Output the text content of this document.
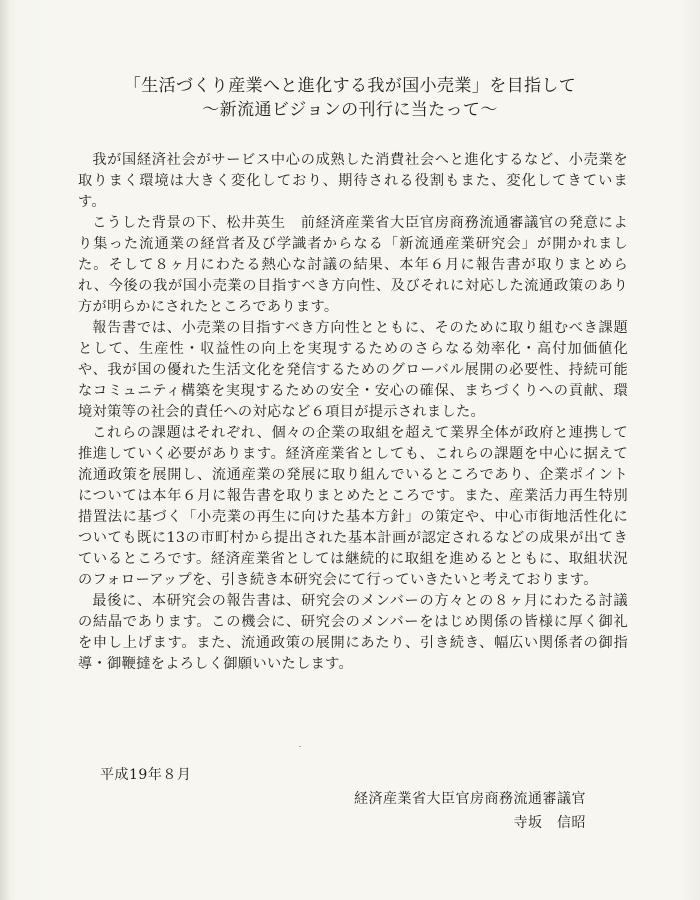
「生活づくり産業へと進化する我が国小売業」を目指して
～新流通ビジョンの刊行に当たって～

我が国経済社会がサービス中心の成熟した消費社会へと進化するなど、小売業を取りまく環境は大きく変化しており、期待される役割もまた、変化してきています。

こうした背景の下、松井英生　前経済産業省大臣官房商務流通審議官の発意により集った流通業の経営者及び学識者からなる「新流通産業研究会」が開かれました。そして８ヶ月にわたる熱心な討議の結果、本年６月に報告書が取りまとめられ、今後の我が国小売業の目指すべき方向性、及びそれに対応した流通政策のあり方が明らかにされたところであります。

報告書では、小売業の目指すべき方向性とともに、そのために取り組むべき課題として、生産性・収益性の向上を実現するためのさらなる効率化・高付加価値化や、我が国の優れた生活文化を発信するためのグローバル展開の必要性、持続可能なコミュニティ構築を実現するための安全・安心の確保、まちづくりへの貢献、環境対策等の社会的責任への対応など６項目が提示されました。

これらの課題はそれぞれ、個々の企業の取組を超えて業界全体が政府と連携して推進していく必要があります。経済産業省としても、これらの課題を中心に据えて流通政策を展開し、流通産業の発展に取り組んでいるところであり、企業ポイントについては本年６月に報告書を取りまとめたところです。また、産業活力再生特別措置法に基づく「小売業の再生に向けた基本方針」の策定や、中心市街地活性化についても既に13の市町村から提出された基本計画が認定されるなどの成果が出てきているところです。経済産業省としては継続的に取組を進めるとともに、取組状況のフォローアップを、引き続き本研究会にて行っていきたいと考えております。

最後に、本研究会の報告書は、研究会のメンバーの方々との８ヶ月にわたる討議の結晶であります。この機会に、研究会のメンバーをはじめ関係の皆様に厚く御礼を申し上げます。また、流通政策の展開にあたり、引き続き、幅広い関係者の御指導・御鞭撻をよろしく御願いいたします。

平成19年８月
経済産業省大臣官房商務流通審議官
寺坂　信昭
